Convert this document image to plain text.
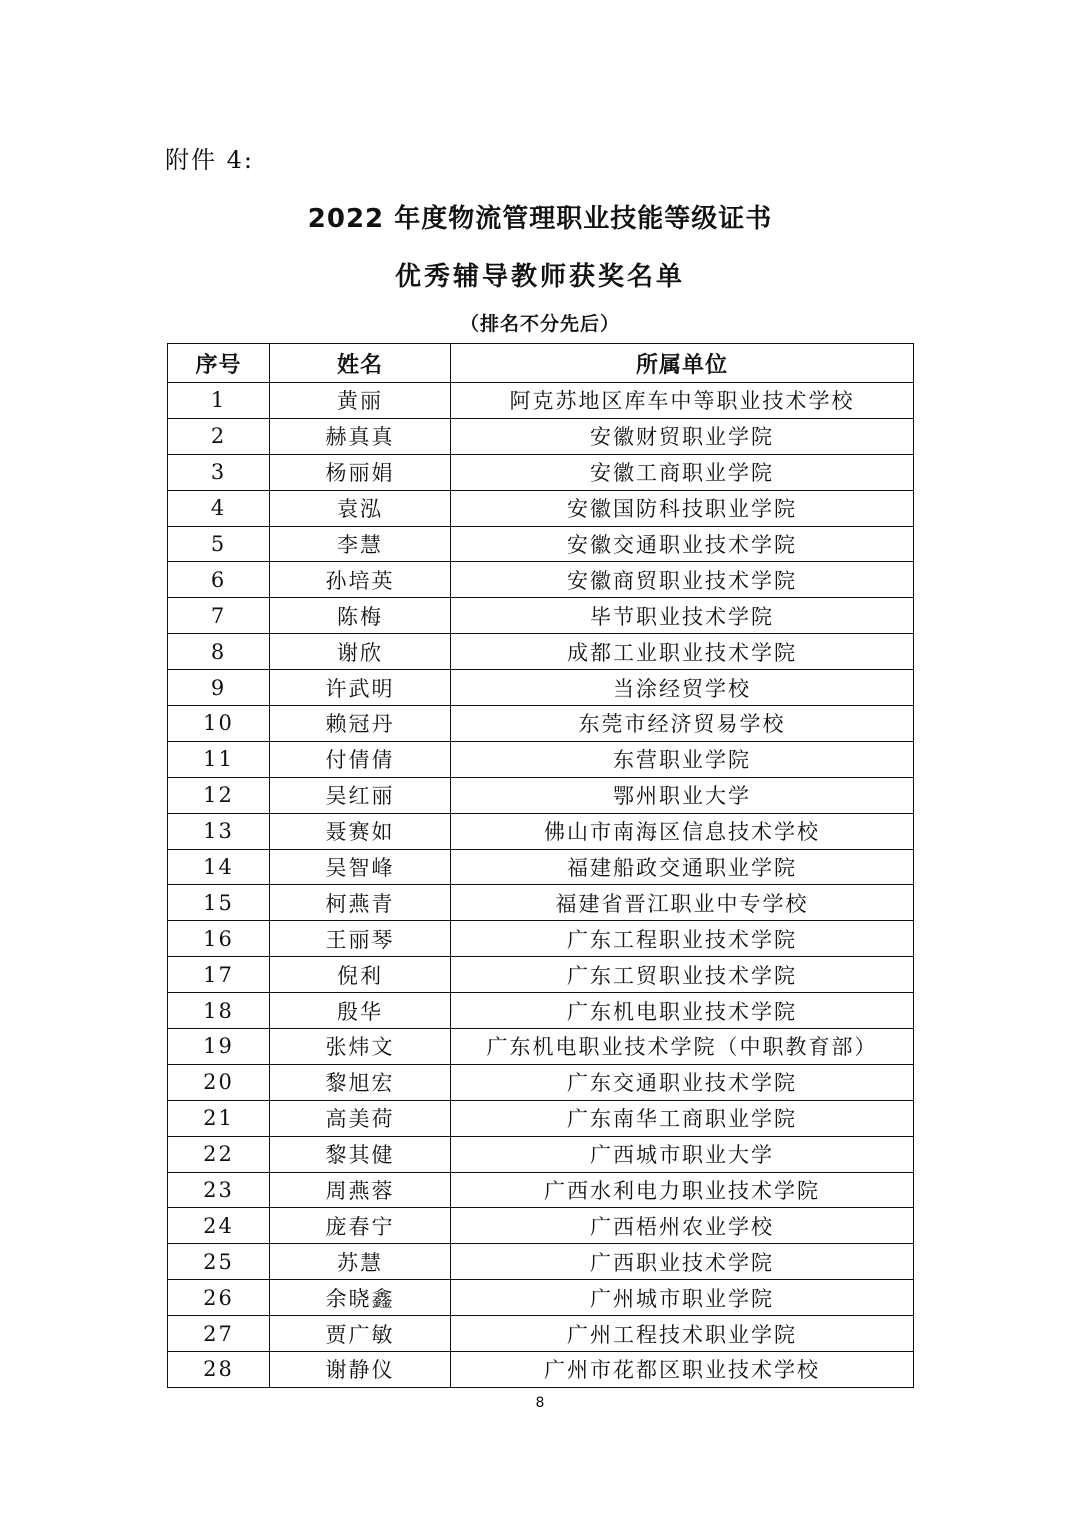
附件 4:
2022 年度物流管理职业技能等级证书
优秀辅导教师获奖名单
（排名不分先后）
序号	姓名	所属单位
1	黄丽	阿克苏地区库车中等职业技术学校
2	赫真真	安徽财贸职业学院
3	杨丽娟	安徽工商职业学院
4	袁泓	安徽国防科技职业学院
5	李慧	安徽交通职业技术学院
6	孙培英	安徽商贸职业技术学院
7	陈梅	毕节职业技术学院
8	谢欣	成都工业职业技术学院
9	许武明	当涂经贸学校
10	赖冠丹	东莞市经济贸易学校
11	付倩倩	东营职业学院
12	吴红丽	鄂州职业大学
13	聂赛如	佛山市南海区信息技术学校
14	吴智峰	福建船政交通职业学院
15	柯燕青	福建省晋江职业中专学校
16	王丽琴	广东工程职业技术学院
17	倪利	广东工贸职业技术学院
18	殷华	广东机电职业技术学院
19	张炜文	广东机电职业技术学院（中职教育部）
20	黎旭宏	广东交通职业技术学院
21	高美荷	广东南华工商职业学院
22	黎其健	广西城市职业大学
23	周燕蓉	广西水利电力职业技术学院
24	庞春宁	广西梧州农业学校
25	苏慧	广西职业技术学院
26	余晓鑫	广州城市职业学院
27	贾广敏	广州工程技术职业学院
28	谢静仪	广州市花都区职业技术学校
8
